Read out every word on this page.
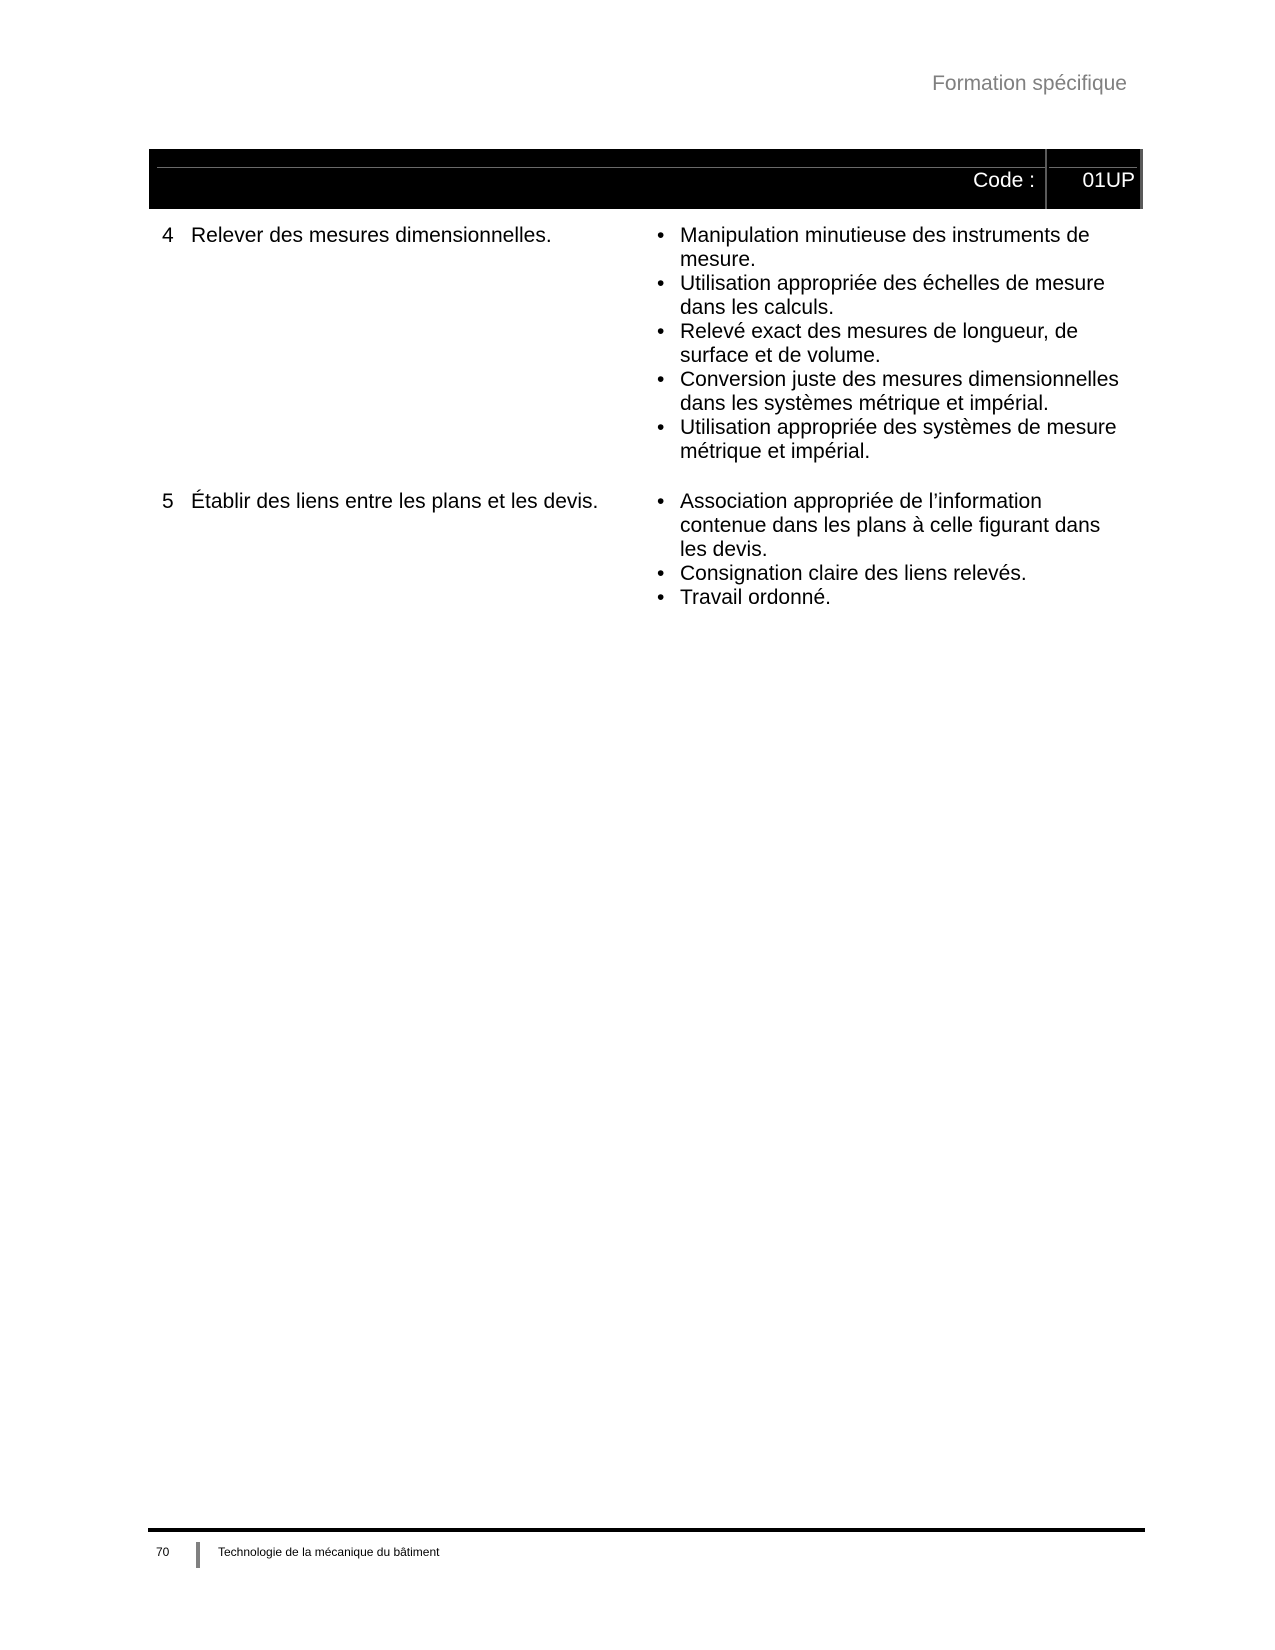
Formation spécifique
Code : 01UP
4 Relever des mesures dimensionnelles.	• Manipulation minutieuse des instruments de mesure.
• Utilisation appropriée des échelles de mesure dans les calculs.
• Relevé exact des mesures de longueur, de surface et de volume.
• Conversion juste des mesures dimensionnelles dans les systèmes métrique et impérial.
• Utilisation appropriée des systèmes de mesure métrique et impérial.
5 Établir des liens entre les plans et les devis.	• Association appropriée de l’information contenue dans les plans à celle figurant dans les devis.
• Consignation claire des liens relevés.
• Travail ordonné.
70	Technologie de la mécanique du bâtiment
